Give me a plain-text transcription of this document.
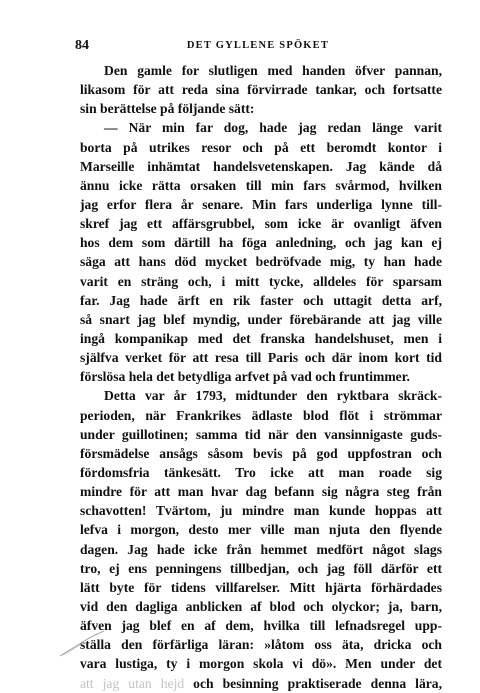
84	DET GYLLENE SPÖKET
Den gamle for slutligen med handen öfver pannan,
likasom för att reda sina förvirrade tankar, och fortsatte
sin berättelse på följande sätt:
— När min far dog, hade jag redan länge varit
borta på utrikes resor och på ett beromdt kontor i
Marseille inhämtat handelsvetenskapen. Jag kände då
ännu icke rätta orsaken till min fars svårmod, hvilken
jag erfor flera år senare. Min fars underliga lynne till-
skref jag ett affärsgrubbel, som icke är ovanligt äfven
hos dem som därtill ha föga anledning, och jag kan ej
säga att hans död mycket bedröfvade mig, ty han hade
varit en sträng och, i mitt tycke, alldeles för sparsam
far. Jag hade ärft en rik faster och uttagit detta arf,
så snart jag blef myndig, under förebärande att jag ville
ingå kompanikap med det franska handelshuset, men i
själfva verket för att resa till Paris och där inom kort tid
förslösa hela det betydliga arfvet på vad och fruntimmer.
Detta var år 1793, midtunder den ryktbara skräck-
perioden, när Frankrikes ädlaste blod flöt i strömmar
under guillotinen; samma tid när den vansinnigaste guds-
försmädelse ansågs såsom bevis på god uppfostran och
fördomsfria tänkesätt. Tro icke att man roade sig
mindre för att man hvar dag befann sig några steg från
schavotten! Tvärtom, ju mindre man kunde hoppas att
lefva i morgon, desto mer ville man njuta den flyende
dagen. Jag hade icke från hemmet medfört något slags
tro, ej ens penningens tillbedjan, och jag föll därför ett
lätt byte för tidens villfarelser. Mitt hjärta förhärdades
vid den dagliga anblicken af blod och olyckor; ja, barn,
äfven jag blef en af dem, hvilka till lefnadsregel upp-
ställa den förfärliga läran: »låtom oss äta, dricka och
vara lustiga, ty i morgon skola vi dö». Men under det
att jag utan hejd och besinning praktiserade denna lära,
